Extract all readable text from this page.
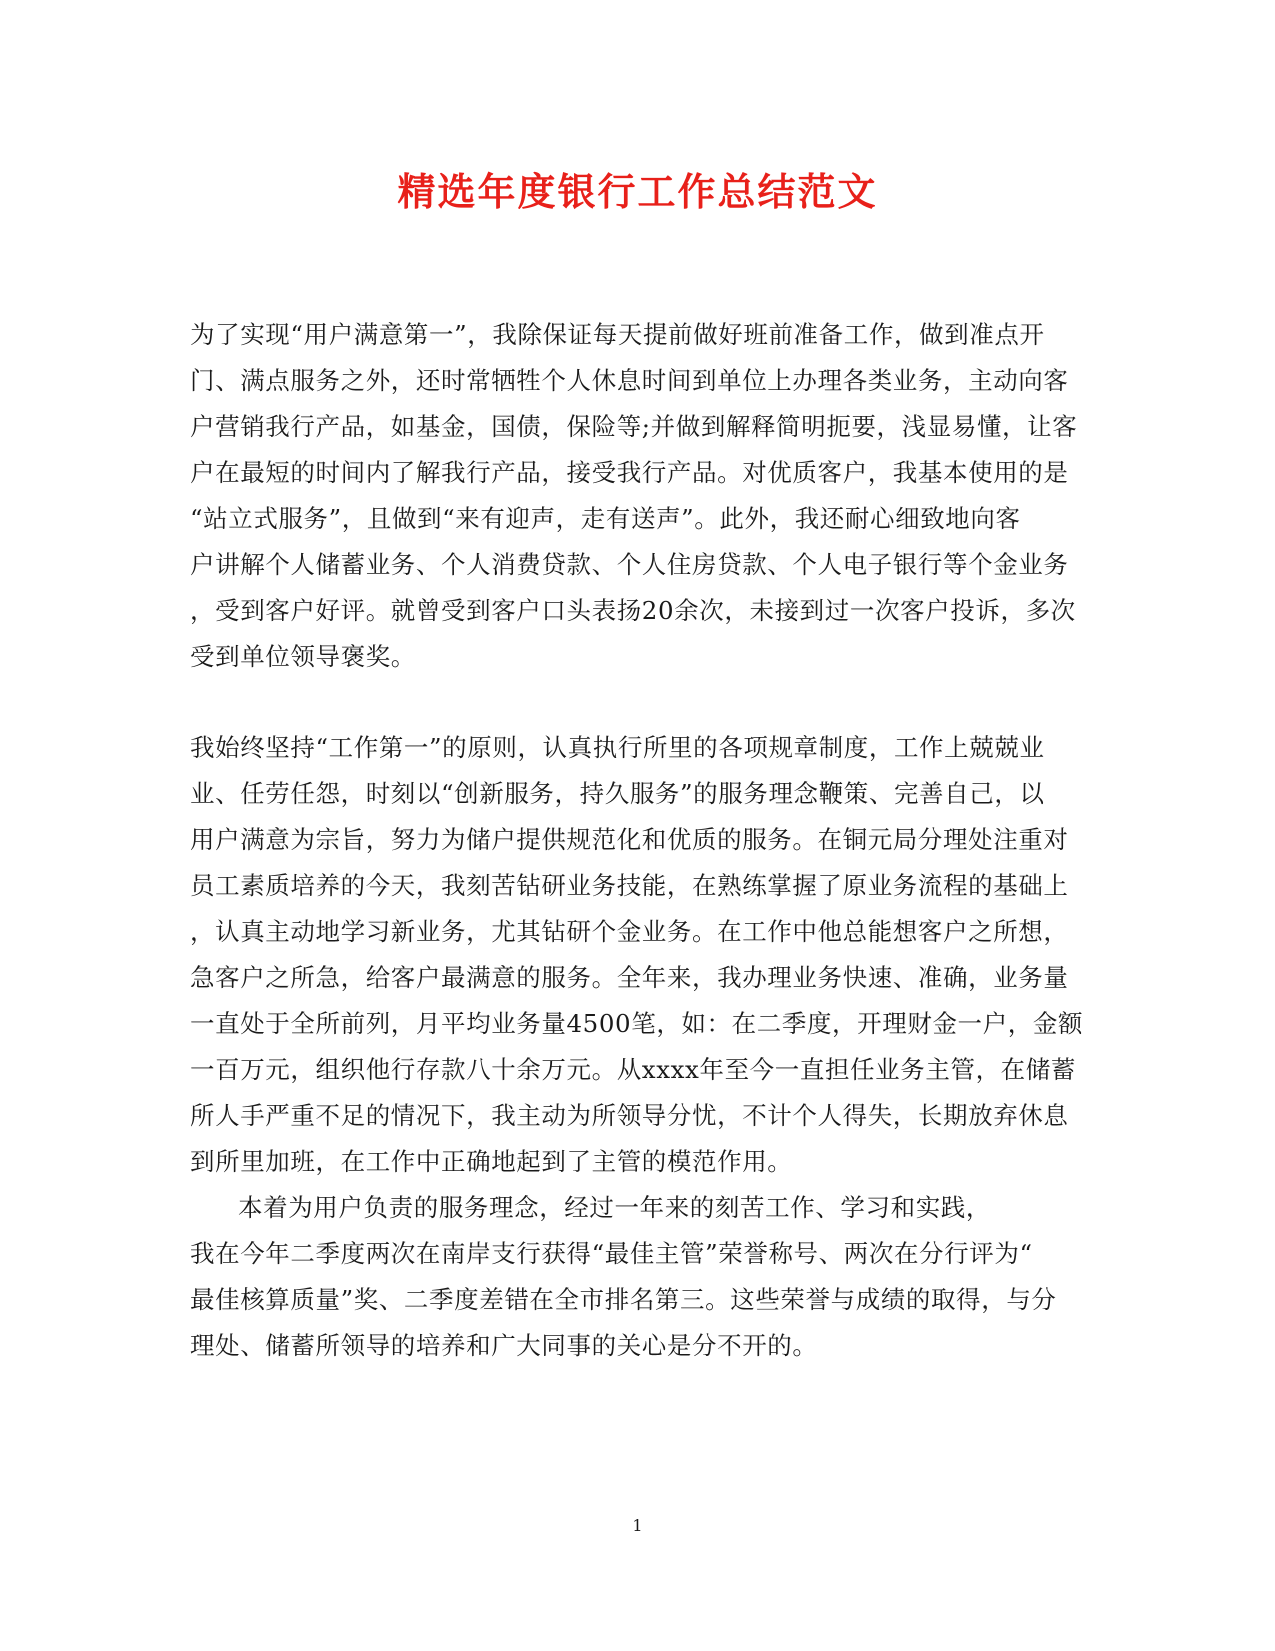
精选年度银行工作总结范文

为了实现“用户满意第一”，我除保证每天提前做好班前准备工作，做到准点开

门、满点服务之外，还时常牺牲个人休息时间到单位上办理各类业务，主动向客

户营销我行产品，如基金，国债，保险等;并做到解释简明扼要，浅显易懂，让客

户在最短的时间内了解我行产品，接受我行产品。对优质客户，我基本使用的是

“站立式服务”，且做到“来有迎声，走有送声”。此外，我还耐心细致地向客

户讲解个人储蓄业务、个人消费贷款、个人住房贷款、个人电子银行等个金业务

，受到客户好评。就曾受到客户口头表扬20余次，未接到过一次客户投诉，多次

受到单位领导褒奖。

我始终坚持“工作第一”的原则，认真执行所里的各项规章制度，工作上兢兢业

业、任劳任怨，时刻以“创新服务，持久服务”的服务理念鞭策、完善自己，以

用户满意为宗旨，努力为储户提供规范化和优质的服务。在铜元局分理处注重对

员工素质培养的今天，我刻苦钻研业务技能，在熟练掌握了原业务流程的基础上

，认真主动地学习新业务，尤其钻研个金业务。在工作中他总能想客户之所想，

急客户之所急，给客户最满意的服务。全年来，我办理业务快速、准确，业务量

一直处于全所前列，月平均业务量4500笔，如：在二季度，开理财金一户，金额

一百万元，组织他行存款八十余万元。从xxxx年至今一直担任业务主管，在储蓄

所人手严重不足的情况下，我主动为所领导分忧，不计个人得失，长期放弃休息

到所里加班，在工作中正确地起到了主管的模范作用。

本着为用户负责的服务理念，经过一年来的刻苦工作、学习和实践，

我在今年二季度两次在南岸支行获得“最佳主管”荣誉称号、两次在分行评为“

最佳核算质量”奖、二季度差错在全市排名第三。这些荣誉与成绩的取得，与分

理处、储蓄所领导的培养和广大同事的关心是分不开的。

1
